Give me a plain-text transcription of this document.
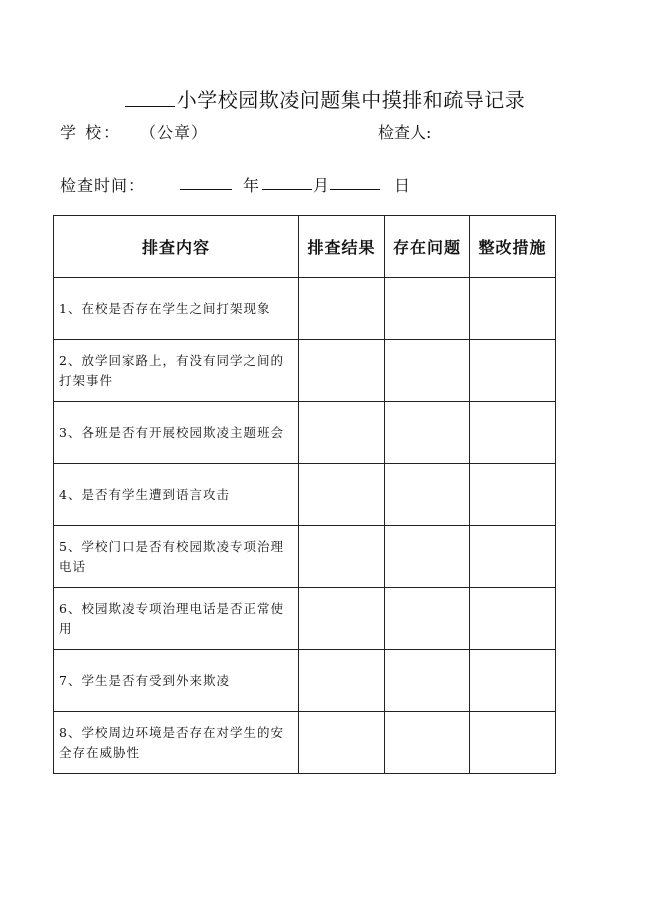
小学校园欺凌问题集中摸排和疏导记录
学 校： （公章）	检查人:
检查时间：	年	月	日
排查内容	排查结果	存在问题	整改措施
1、在校是否存在学生之间打架现象			
2、放学回家路上，有没有同学之间的打架事件			
3、各班是否有开展校园欺凌主题班会			
4、是否有学生遭到语言攻击			
5、学校门口是否有校园欺凌专项治理电话			
6、校园欺凌专项治理电话是否正常使用			
7、学生是否有受到外来欺凌			
8、学校周边环境是否存在对学生的安全存在威胁性			
